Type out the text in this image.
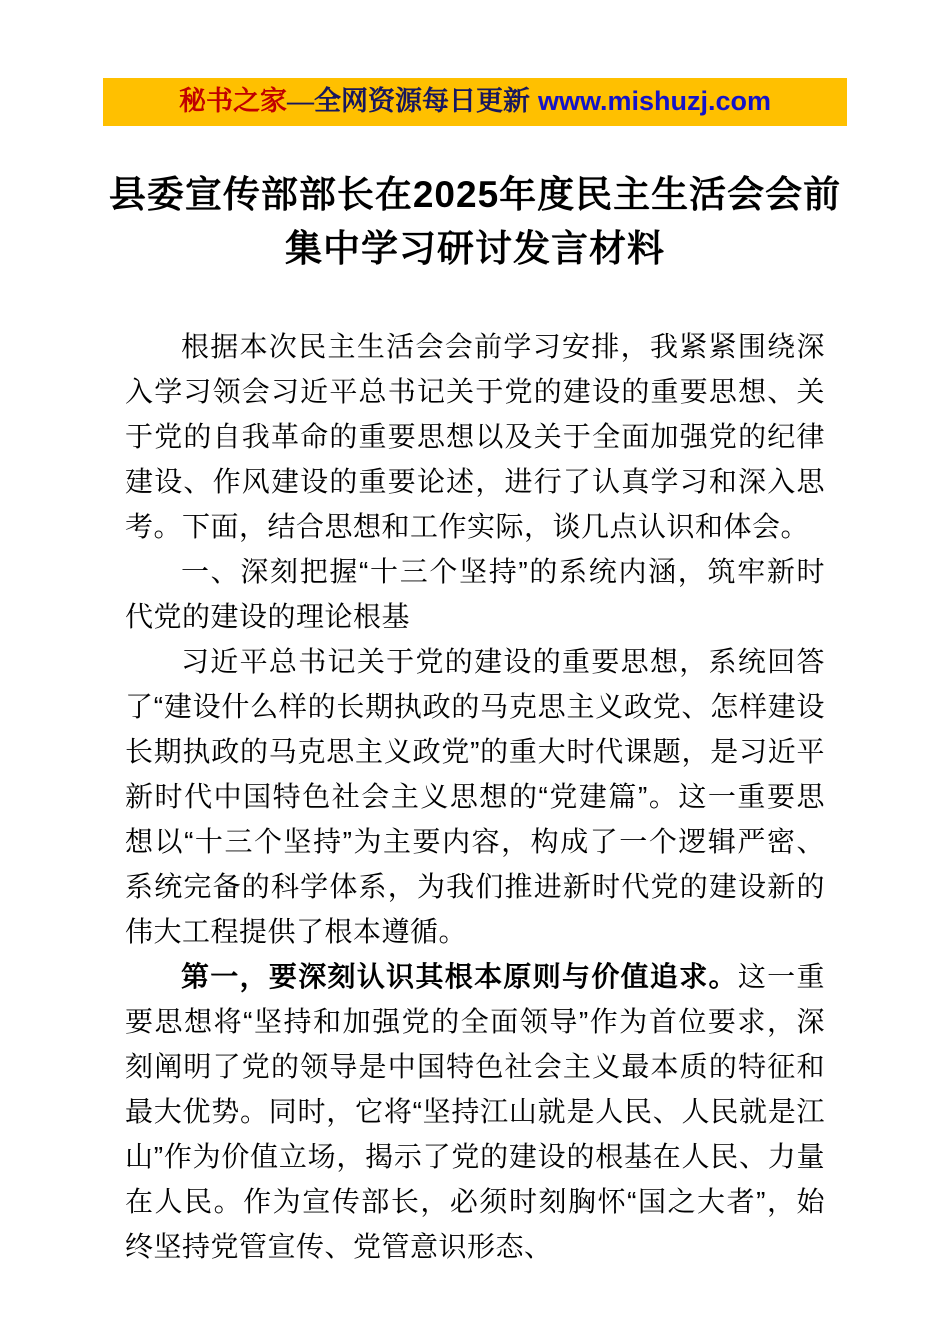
秘书之家—全网资源每日更新 www.mishuzj.com
县委宣传部部长在2025年度民主生活会会前
集中学习研讨发言材料

根据本次民主生活会会前学习安排，我紧紧围绕深入学习领会习近平总书记关于党的建设的重要思想、关于党的自我革命的重要思想以及关于全面加强党的纪律建设、作风建设的重要论述，进行了认真学习和深入思考。下面，结合思想和工作实际，谈几点认识和体会。

一、深刻把握“十三个坚持”的系统内涵，筑牢新时代党的建设的理论根基

习近平总书记关于党的建设的重要思想，系统回答了“建设什么样的长期执政的马克思主义政党、怎样建设长期执政的马克思主义政党”的重大时代课题，是习近平新时代中国特色社会主义思想的“党建篇”。这一重要思想以“十三个坚持”为主要内容，构成了一个逻辑严密、系统完备的科学体系，为我们推进新时代党的建设新的伟大工程提供了根本遵循。

第一，要深刻认识其根本原则与价值追求。这一重要思想将“坚持和加强党的全面领导”作为首位要求，深刻阐明了党的领导是中国特色社会主义最本质的特征和最大优势。同时，它将“坚持江山就是人民、人民就是江山”作为价值立场，揭示了党的建设的根基在人民、力量在人民。作为宣传部长，必须时刻胸怀“国之大者”，始终坚持党管宣传、党管意识形态、
